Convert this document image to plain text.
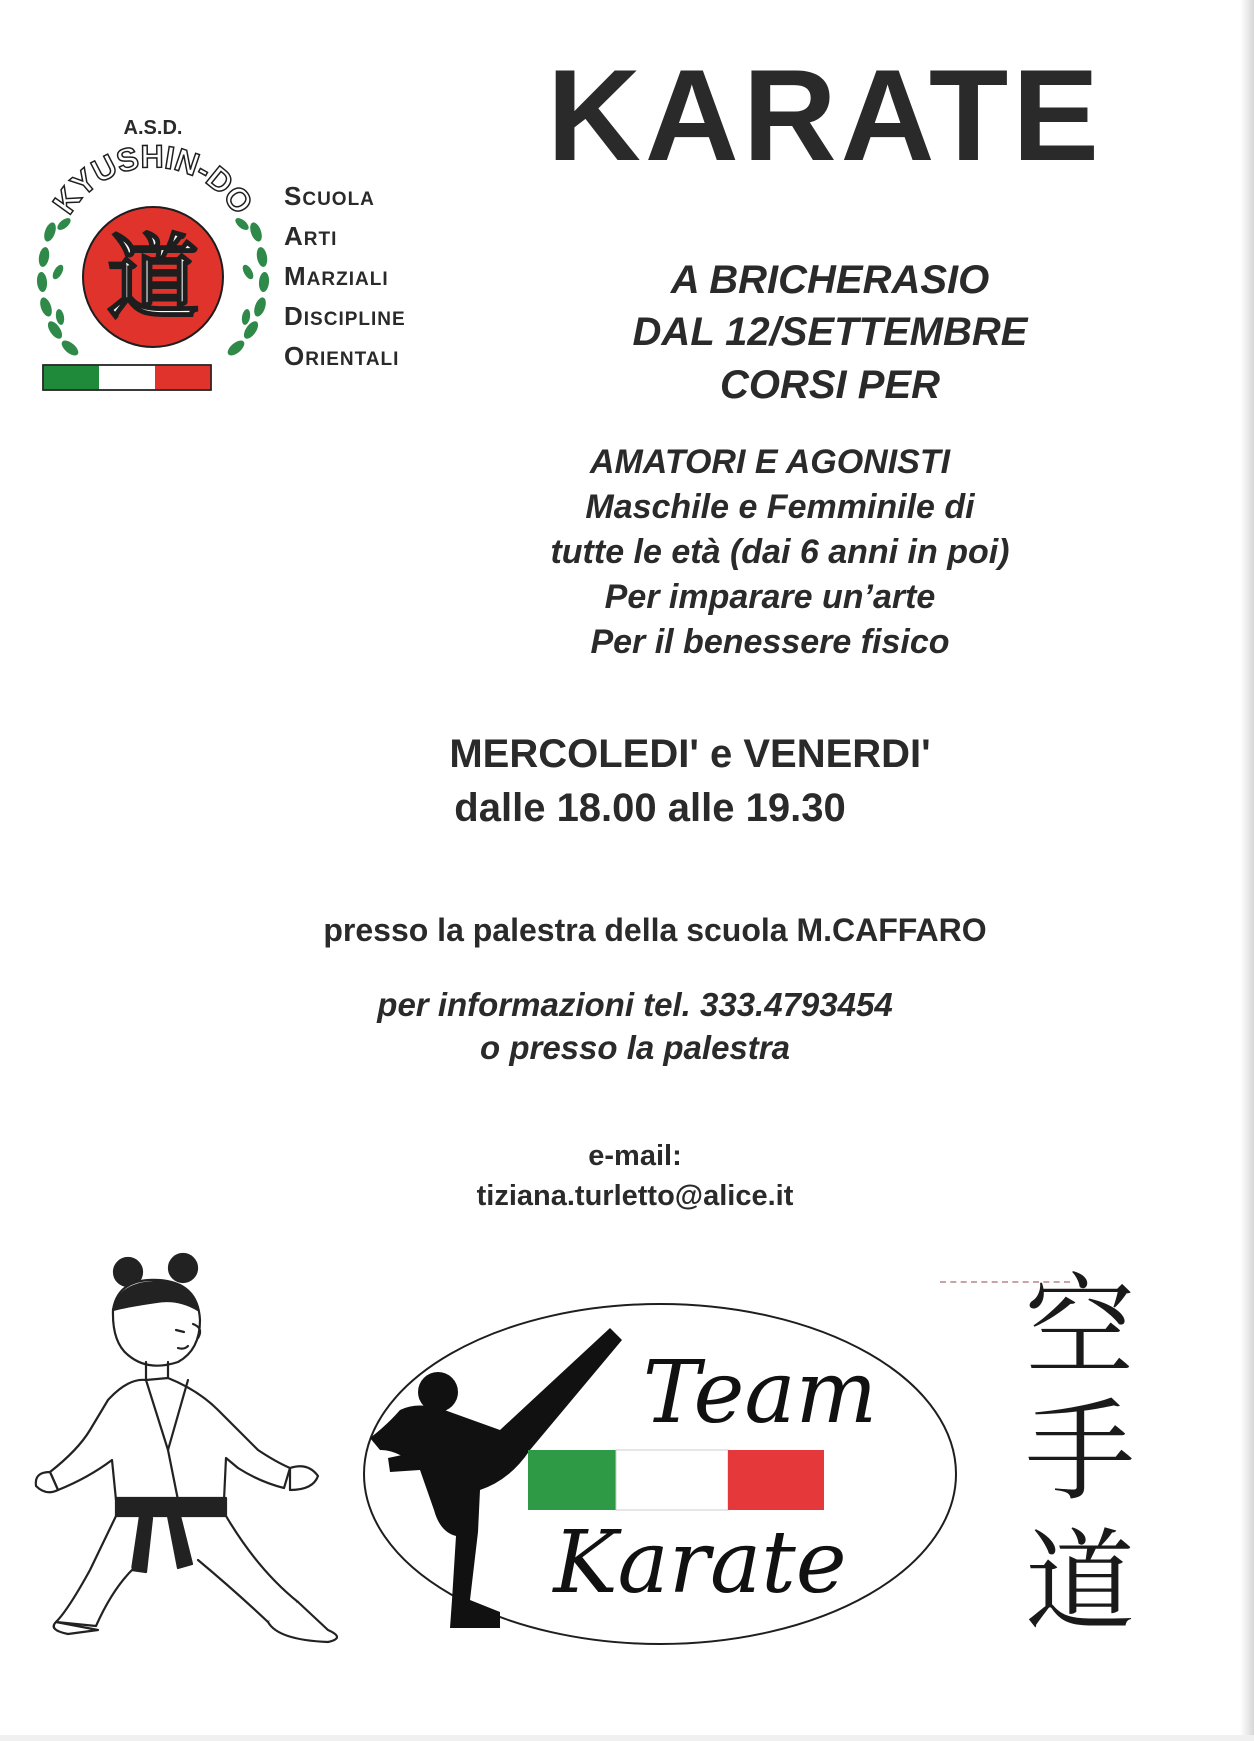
A.S.D.
KYUSHIN-DO
道
SCUOLA
ARTI
MARZIALI
DISCIPLINE
ORIENTALI
KARATE
A BRICHERASIO
DAL 12/SETTEMBRE
CORSI PER
AMATORI E AGONISTI
Maschile e Femminile di
tutte le età (dai 6 anni in poi)
Per imparare un’arte
Per il benessere fisico
MERCOLEDI' e VENERDI'
dalle 18.00 alle 19.30
presso la palestra della scuola M.CAFFARO
per informazioni tel. 333.4793454
o presso la palestra
e-mail:
tiziana.turletto@alice.it
Team
Karate
空
手
道
